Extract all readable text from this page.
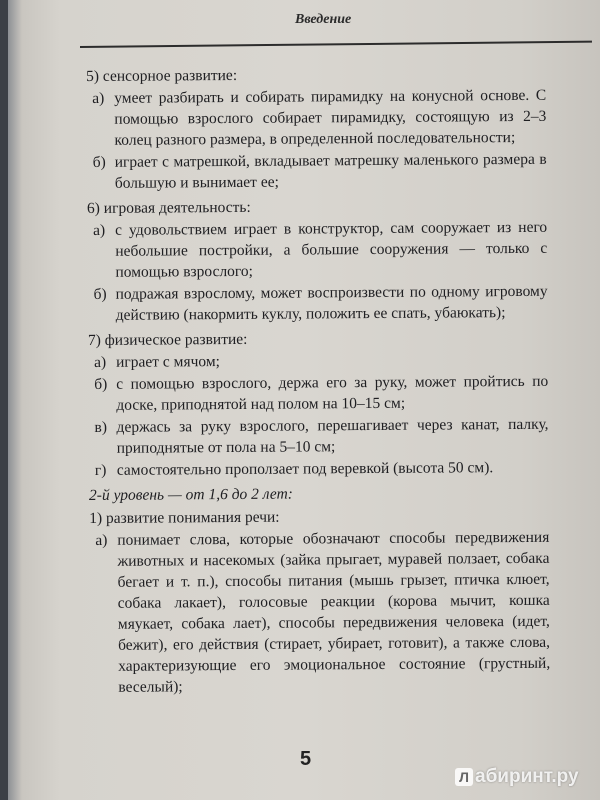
Введение
5) сенсорное развитие:
а) умеет разбирать и собирать пирамидку на конусной основе. С помощью взрослого собирает пирамидку, состоящую из 2–3 колец разного размера, в определенной последовательности;
б) играет с матрешкой, вкладывает матрешку маленького размера в большую и вынимает ее;
6) игровая деятельность:
а) с удовольствием играет в конструктор, сам сооружает из него небольшие постройки, а большие сооружения — только с помощью взрослого;
б) подражая взрослому, может воспроизвести по одному игровому действию (накормить куклу, положить ее спать, убаюкать);
7) физическое развитие:
а) играет с мячом;
б) с помощью взрослого, держа его за руку, может пройтись по доске, приподнятой над полом на 10–15 см;
в) держась за руку взрослого, перешагивает через канат, палку, приподнятые от пола на 5–10 см;
г) самостоятельно проползает под веревкой (высота 50 см).
2-й уровень — от 1,6 до 2 лет:
1) развитие понимания речи:
а) понимает слова, которые обозначают способы передвижения животных и насекомых (зайка прыгает, муравей ползает, собака бегает и т. п.), способы питания (мышь грызет, птичка клюет, собака лакает), голосовые реакции (корова мычит, кошка мяукает, собака лает), способы передвижения человека (идет, бежит), его действия (стирает, убирает, готовит), а также слова, характеризующие его эмоциональное состояние (грустный, веселый);
5
Л абиринт.ру
